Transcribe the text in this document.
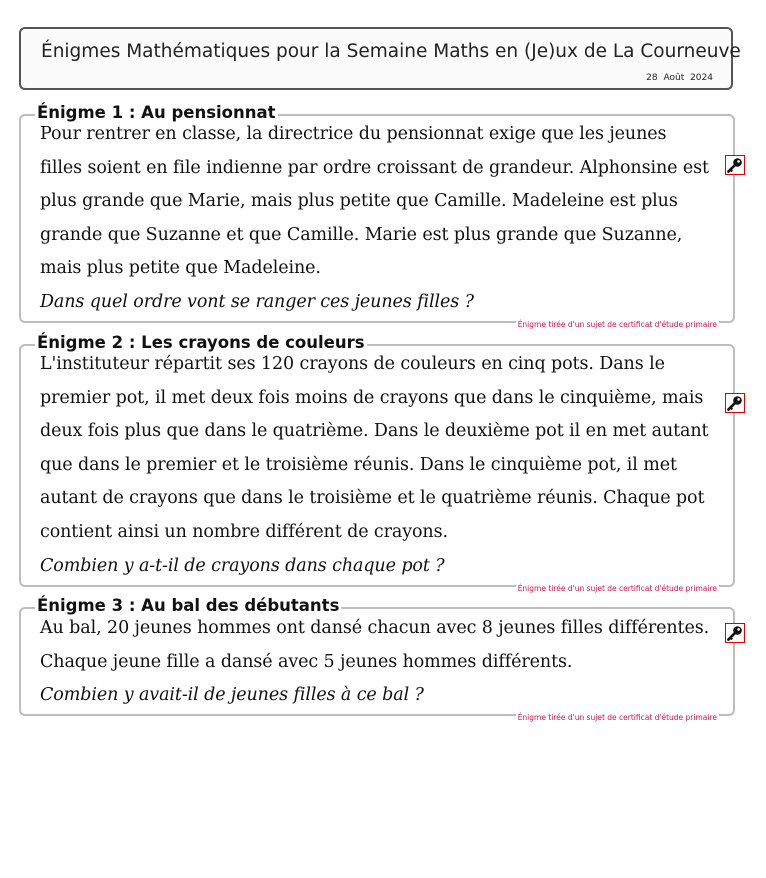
Énigmes Mathématiques pour la Semaine Maths en (Je)ux de La Courneuve
28 Août 2024
Énigme 1 : Au pensionnat
Pour rentrer en classe, la directrice du pensionnat exige que les jeunes filles soient en file indienne par ordre croissant de grandeur. Alphonsine est plus grande que Marie, mais plus petite que Camille. Madeleine est plus grande que Suzanne et que Camille. Marie est plus grande que Suzanne, mais plus petite que Madeleine.
Dans quel ordre vont se ranger ces jeunes filles ?
Énigme tirée d'un sujet de certificat d'étude primaire
Énigme 2 : Les crayons de couleurs
L'instituteur répartit ses 120 crayons de couleurs en cinq pots. Dans le premier pot, il met deux fois moins de crayons que dans le cinquième, mais deux fois plus que dans le quatrième. Dans le deuxième pot il en met autant que dans le premier et le troisième réunis. Dans le cinquième pot, il met autant de crayons que dans le troisième et le quatrième réunis. Chaque pot contient ainsi un nombre différent de crayons.
Combien y a-t-il de crayons dans chaque pot ?
Énigme tirée d'un sujet de certificat d'étude primaire
Énigme 3 : Au bal des débutants
Au bal, 20 jeunes hommes ont dansé chacun avec 8 jeunes filles différentes. Chaque jeune fille a dansé avec 5 jeunes hommes différents.
Combien y avait-il de jeunes filles à ce bal ?
Énigme tirée d'un sujet de certificat d'étude primaire
